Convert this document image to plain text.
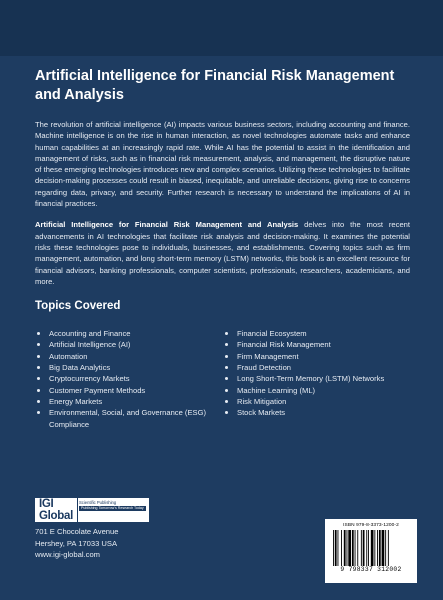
Artificial Intelligence for Financial Risk Management and Analysis

The revolution of artificial intelligence (AI) impacts various business sectors, including accounting and finance. Machine intelligence is on the rise in human interaction, as novel technologies automate tasks and enhance human capabilities at an increasingly rapid rate. While AI has the potential to assist in the identification and management of risks, such as in financial risk measurement, analysis, and management, the disruptive nature of these emerging technologies introduces new and complex scenarios. Utilizing these technologies to facilitate decision-making processes could result in biased, inequitable, and unreliable decisions, giving rise to concerns regarding data, privacy, and security. Further research is necessary to understand the implications of AI in financial practices.

Artificial Intelligence for Financial Risk Management and Analysis delves into the most recent advancements in AI technologies that facilitate risk analysis and decision-making. It examines the potential risks these technologies pose to individuals, businesses, and establishments. Covering topics such as firm management, automation, and long short-term memory (LSTM) networks, this book is an excellent resource for financial advisors, banking professionals, computer scientists, professionals, researchers, academicians, and more.

Topics Covered
Accounting and Finance
Artificial Intelligence (AI)
Automation
Big Data Analytics
Cryptocurrency Markets
Customer Payment Methods
Energy Markets
Environmental, Social, and Governance (ESG) Compliance
Financial Ecosystem
Financial Risk Management
Firm Management
Fraud Detection
Long Short-Term Memory (LSTM) Networks
Machine Learning (ML)
Risk Mitigation
Stock Markets
IGI Global
Scientific Publishing
Publishing Tomorrow's Research Today
701 E Chocolate Avenue
Hershey, PA 17033 USA
www.igi-global.com
ISBN 979-8-3373-1200-2
9 798337 312002
